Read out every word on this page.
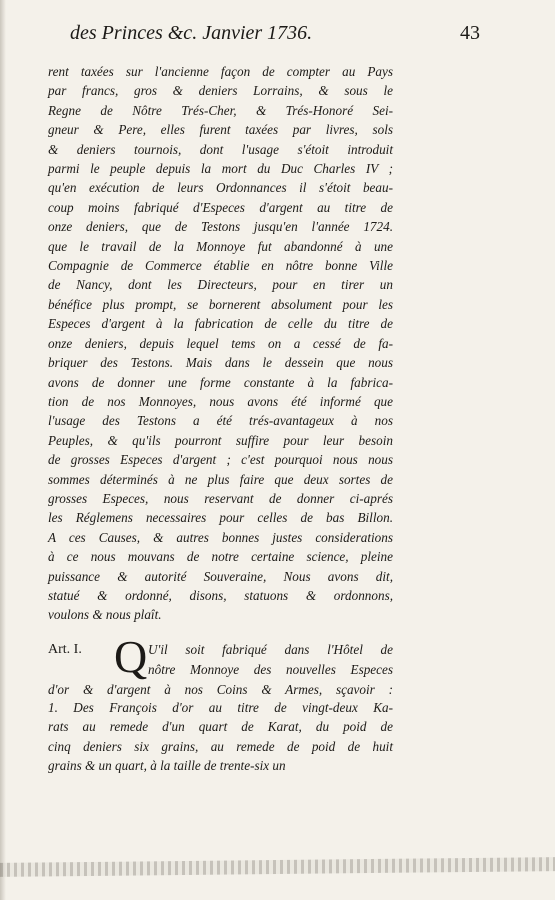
des Princes &c. Janvier 1736.	43
rent taxées sur l'ancienne façon de compter au Pays
par francs, gros & deniers Lorrains, & sous le
Regne de Nôtre Trés-Cher, & Trés-Honoré Sei-
gneur & Pere, elles furent taxées par livres, sols
& deniers tournois, dont l'usage s'étoit introduit
parmi le peuple depuis la mort du Duc Charles IV ;
qu'en exécution de leurs Ordonnances il s'étoit beau-
coup moins fabriqué d'Especes d'argent au titre de
onze deniers, que de Testons jusqu'en l'année 1724.
que le travail de la Monnoye fut abandonné à une
Compagnie de Commerce établie en nôtre bonne Ville
de Nancy, dont les Directeurs, pour en tirer un
bénéfice plus prompt, se bornerent absolument pour les
Especes d'argent à la fabrication de celle du titre de
onze deniers, depuis lequel tems on a cessé de fa-
briquer des Testons. Mais dans le dessein que nous
avons de donner une forme constante à la fabrica-
tion de nos Monnoyes, nous avons été informé que
l'usage des Testons a été trés-avantageux à nos
Peuples, & qu'ils pourront suffire pour leur besoin
de grosses Especes d'argent ; c'est pourquoi nous nous
sommes déterminés à ne plus faire que deux sortes de
grosses Especes, nous reservant de donner ci-aprés
les Réglemens necessaires pour celles de bas Billon.
A ces Causes, & autres bonnes justes considerations
à ce nous mouvans de notre certaine science, pleine
puissance & autorité Souveraine, Nous avons dit,
statué & ordonné, disons, statuons & ordonnons,
voulons & nous plaît.
Art. I. Q U'il soit fabriqué dans l'Hôtel de
nôtre Monnoye des nouvelles Especes
d'or & d'argent à nos Coins & Armes, sçavoir :
1. Des François d'or au titre de vingt-deux Ka-
rats au remede d'un quart de Karat, du poid de
cinq deniers six grains, au remede de poid de huit
grains & un quart, à la taille de trente-six un
